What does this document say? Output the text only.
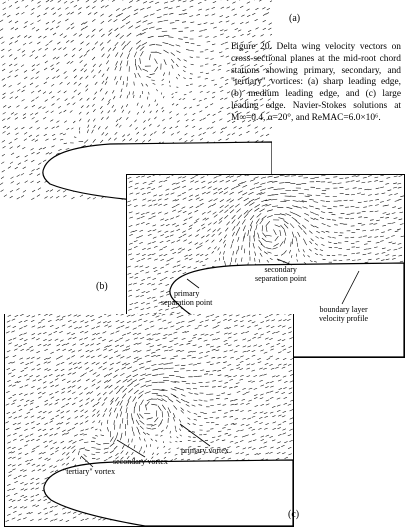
(a)
Figure 20. Delta wing velocity vectors on cross-sectional planes at the mid-root chord stations showing primary, secondary, and "tertiary" vortices: (a) sharp leading edge, (b) medium leading edge, and (c) large leading edge. Navier-Stokes solutions at M∞=0.4, α=20°, and ReMAC=6.0×10⁶.
secondary
separation point
primary
separation point
boundary layer
velocity profile
(b)
primary vortex
secondary vortex
"tertiary" vortex
(c)
